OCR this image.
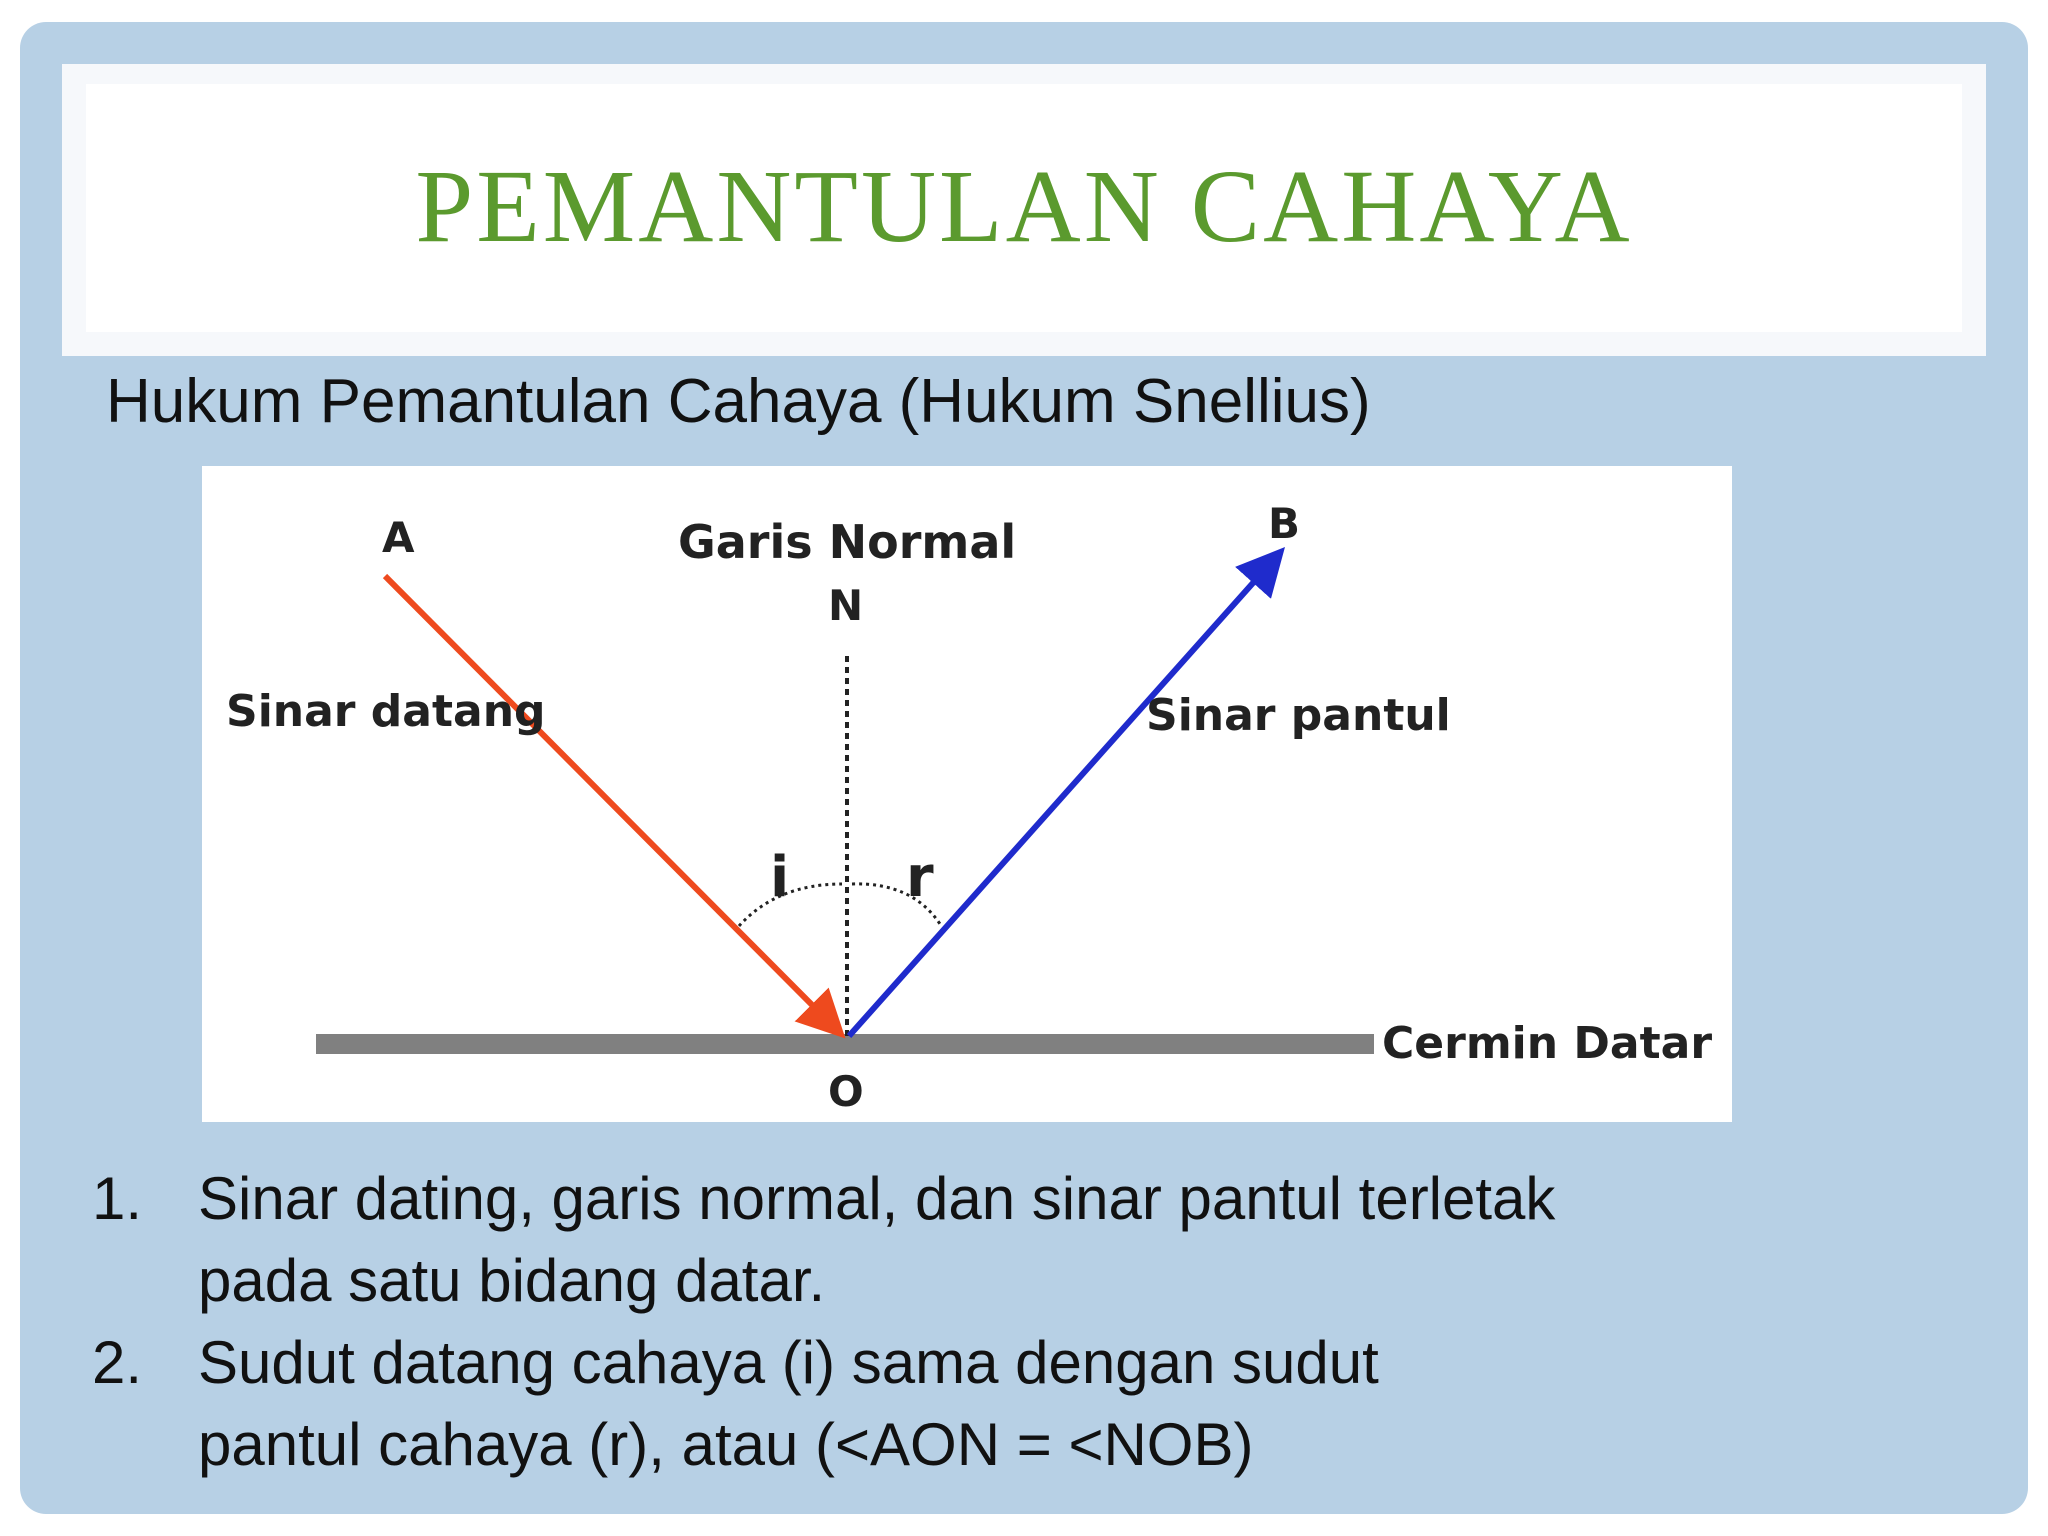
PEMANTULAN CAHAYA
Hukum Pemantulan Cahaya (Hukum Snellius)
A	B
Garis Normal
N
Sinar datang	Sinar pantul
i r
Cermin Datar
O
1. Sinar dating, garis normal, dan sinar pantul terletak
pada satu bidang datar.
2. Sudut datang cahaya (i) sama dengan sudut
pantul cahaya (r), atau (<AON = <NOB)
